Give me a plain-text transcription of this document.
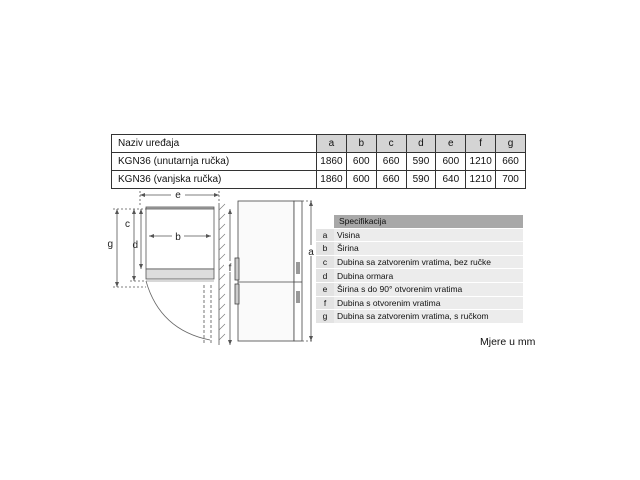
Naziv uređaja	a	b	c	d	e	f	g
KGN36 (unutarnja ručka)	1860	600	660	590	600	1210	660
KGN36 (vanjska ručka)	1860	600	660	590	640	1210	700
e
b
g
c
d
f
a
	Specifikacija
a	Visina
b	Širina
c	Dubina sa zatvorenim vratima, bez ručke
d	Dubina ormara
e	Širina s do 90° otvorenim vratima
f	Dubina s otvorenim vratima
g	Dubina sa zatvorenim vratima, s ručkom
Mjere u mm
